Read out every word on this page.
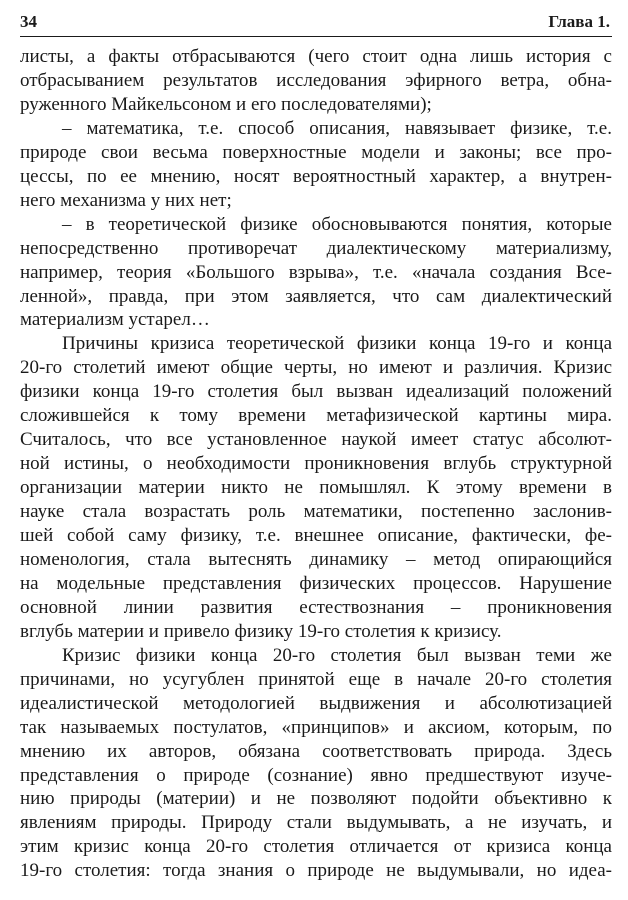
34	Глава 1.
листы, а факты отбрасываются (чего стоит одна лишь история с
отбрасыванием результатов исследования эфирного ветра, обна-
руженного Майкельсоном и его последователями);
– математика, т.е. способ описания, навязывает физике, т.е.
природе свои весьма поверхностные модели и законы; все про-
цессы, по ее мнению, носят вероятностный характер, а внутрен-
него механизма у них нет;
– в теоретической физике обосновываются понятия, которые
непосредственно противоречат диалектическому материализму,
например, теория «Большого взрыва», т.е. «начала создания Все-
ленной», правда, при этом заявляется, что сам диалектический
материализм устарел…
Причины кризиса теоретической физики конца 19-го и конца
20-го столетий имеют общие черты, но имеют и различия. Кризис
физики конца 19-го столетия был вызван идеализаций положений
сложившейся к тому времени метафизической картины мира.
Считалось, что все установленное наукой имеет статус абсолют-
ной истины, о необходимости проникновения вглубь структурной
организации материи никто не помышлял. К этому времени в
науке стала возрастать роль математики, постепенно заслонив-
шей собой саму физику, т.е. внешнее описание, фактически, фе-
номенология, стала вытеснять динамику – метод опирающийся
на модельные представления физических процессов. Нарушение
основной линии развития естествознания – проникновения
вглубь материи и привело физику 19-го столетия к кризису.
Кризис физики конца 20-го столетия был вызван теми же
причинами, но усугублен принятой еще в начале 20-го столетия
идеалистической методологией выдвижения и абсолютизацией
так называемых постулатов, «принципов» и аксиом, которым, по
мнению их авторов, обязана соответствовать природа. Здесь
представления о природе (сознание) явно предшествуют изуче-
нию природы (материи) и не позволяют подойти объективно к
явлениям природы. Природу стали выдумывать, а не изучать, и
этим кризис конца 20-го столетия отличается от кризиса конца
19-го столетия: тогда знания о природе не выдумывали, но идеа-
